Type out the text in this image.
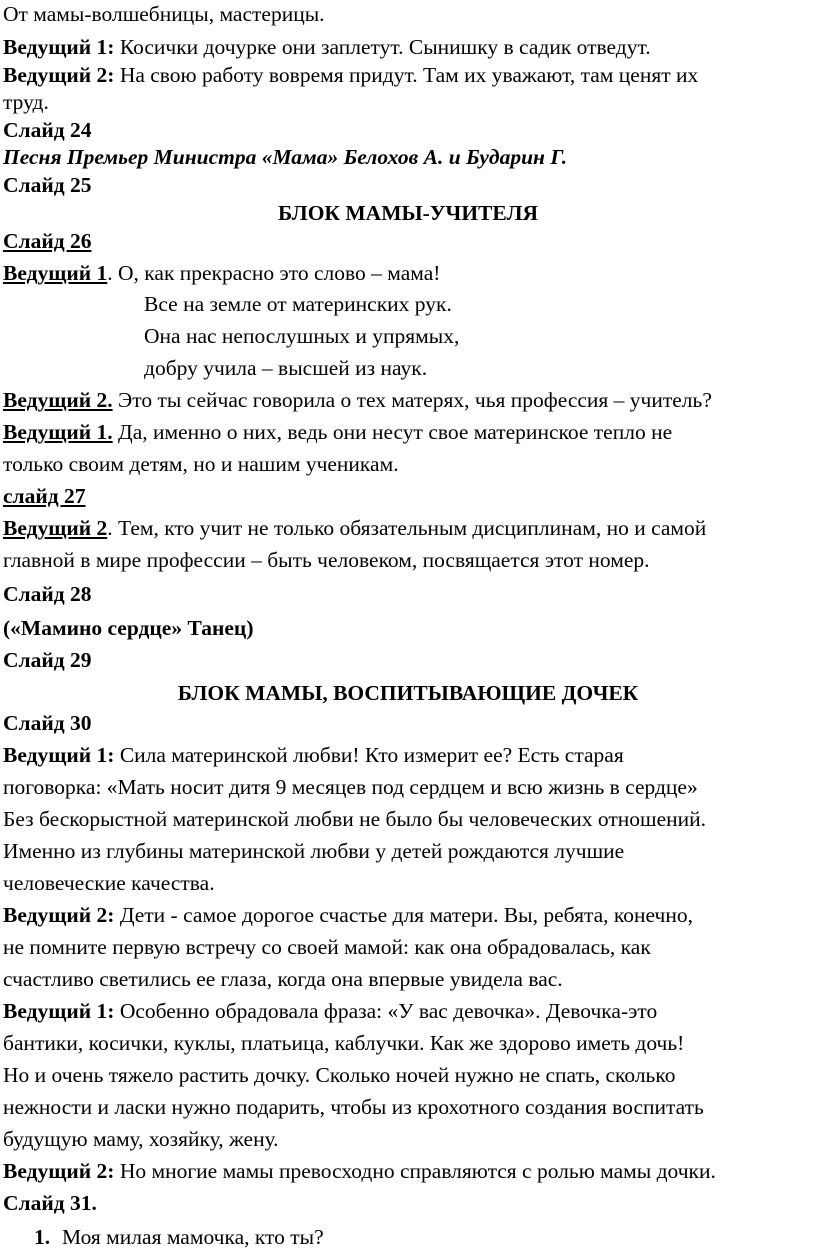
От мамы-волшебницы, мастерицы.
Ведущий 1: Косички дочурке они заплетут. Сынишку в садик отведут.
Ведущий 2: На свою работу вовремя придут. Там их уважают, там ценят их
труд.
Слайд 24
Песня Премьер Министра «Мама» Белохов А. и Бударин Г.
Слайд 25
БЛОК МАМЫ-УЧИТЕЛЯ
Слайд 26
Ведущий 1. О, как прекрасно это слово – мама!
Все на земле от материнских рук.
Она нас непослушных и упрямых,
добру учила – высшей из наук.
Ведущий 2. Это ты сейчас говорила о тех матерях, чья профессия – учитель?
Ведущий 1. Да, именно о них, ведь они несут свое материнское тепло не
только своим детям, но и нашим ученикам.
слайд 27
Ведущий 2. Тем, кто учит не только обязательным дисциплинам, но и самой
главной в мире профессии – быть человеком, посвящается этот номер.
Слайд 28
(«Мамино сердце» Танец)
Слайд 29
БЛОК МАМЫ, ВОСПИТЫВАЮЩИЕ ДОЧЕК
Слайд 30
Ведущий 1: Сила материнской любви! Кто измерит ее? Есть старая
поговорка: «Мать носит дитя 9 месяцев под сердцем и всю жизнь в сердце»
Без бескорыстной материнской любви не было бы человеческих отношений.
Именно из глубины материнской любви у детей рождаются лучшие
человеческие качества.
Ведущий 2: Дети - самое дорогое счастье для матери. Вы, ребята, конечно,
не помните первую встречу со своей мамой: как она обрадовалась, как
счастливо светились ее глаза, когда она впервые увидела вас.
Ведущий 1: Особенно обрадовала фраза: «У вас девочка». Девочка-это
бантики, косички, куклы, платьица, каблучки. Как же здорово иметь дочь!
Но и очень тяжело растить дочку. Сколько ночей нужно не спать, сколько
нежности и ласки нужно подарить, чтобы из крохотного создания воспитать
будущую маму, хозяйку, жену.
Ведущий 2: Но многие мамы превосходно справляются с ролью мамы дочки.
Слайд 31.
1. Моя милая мамочка, кто ты?
